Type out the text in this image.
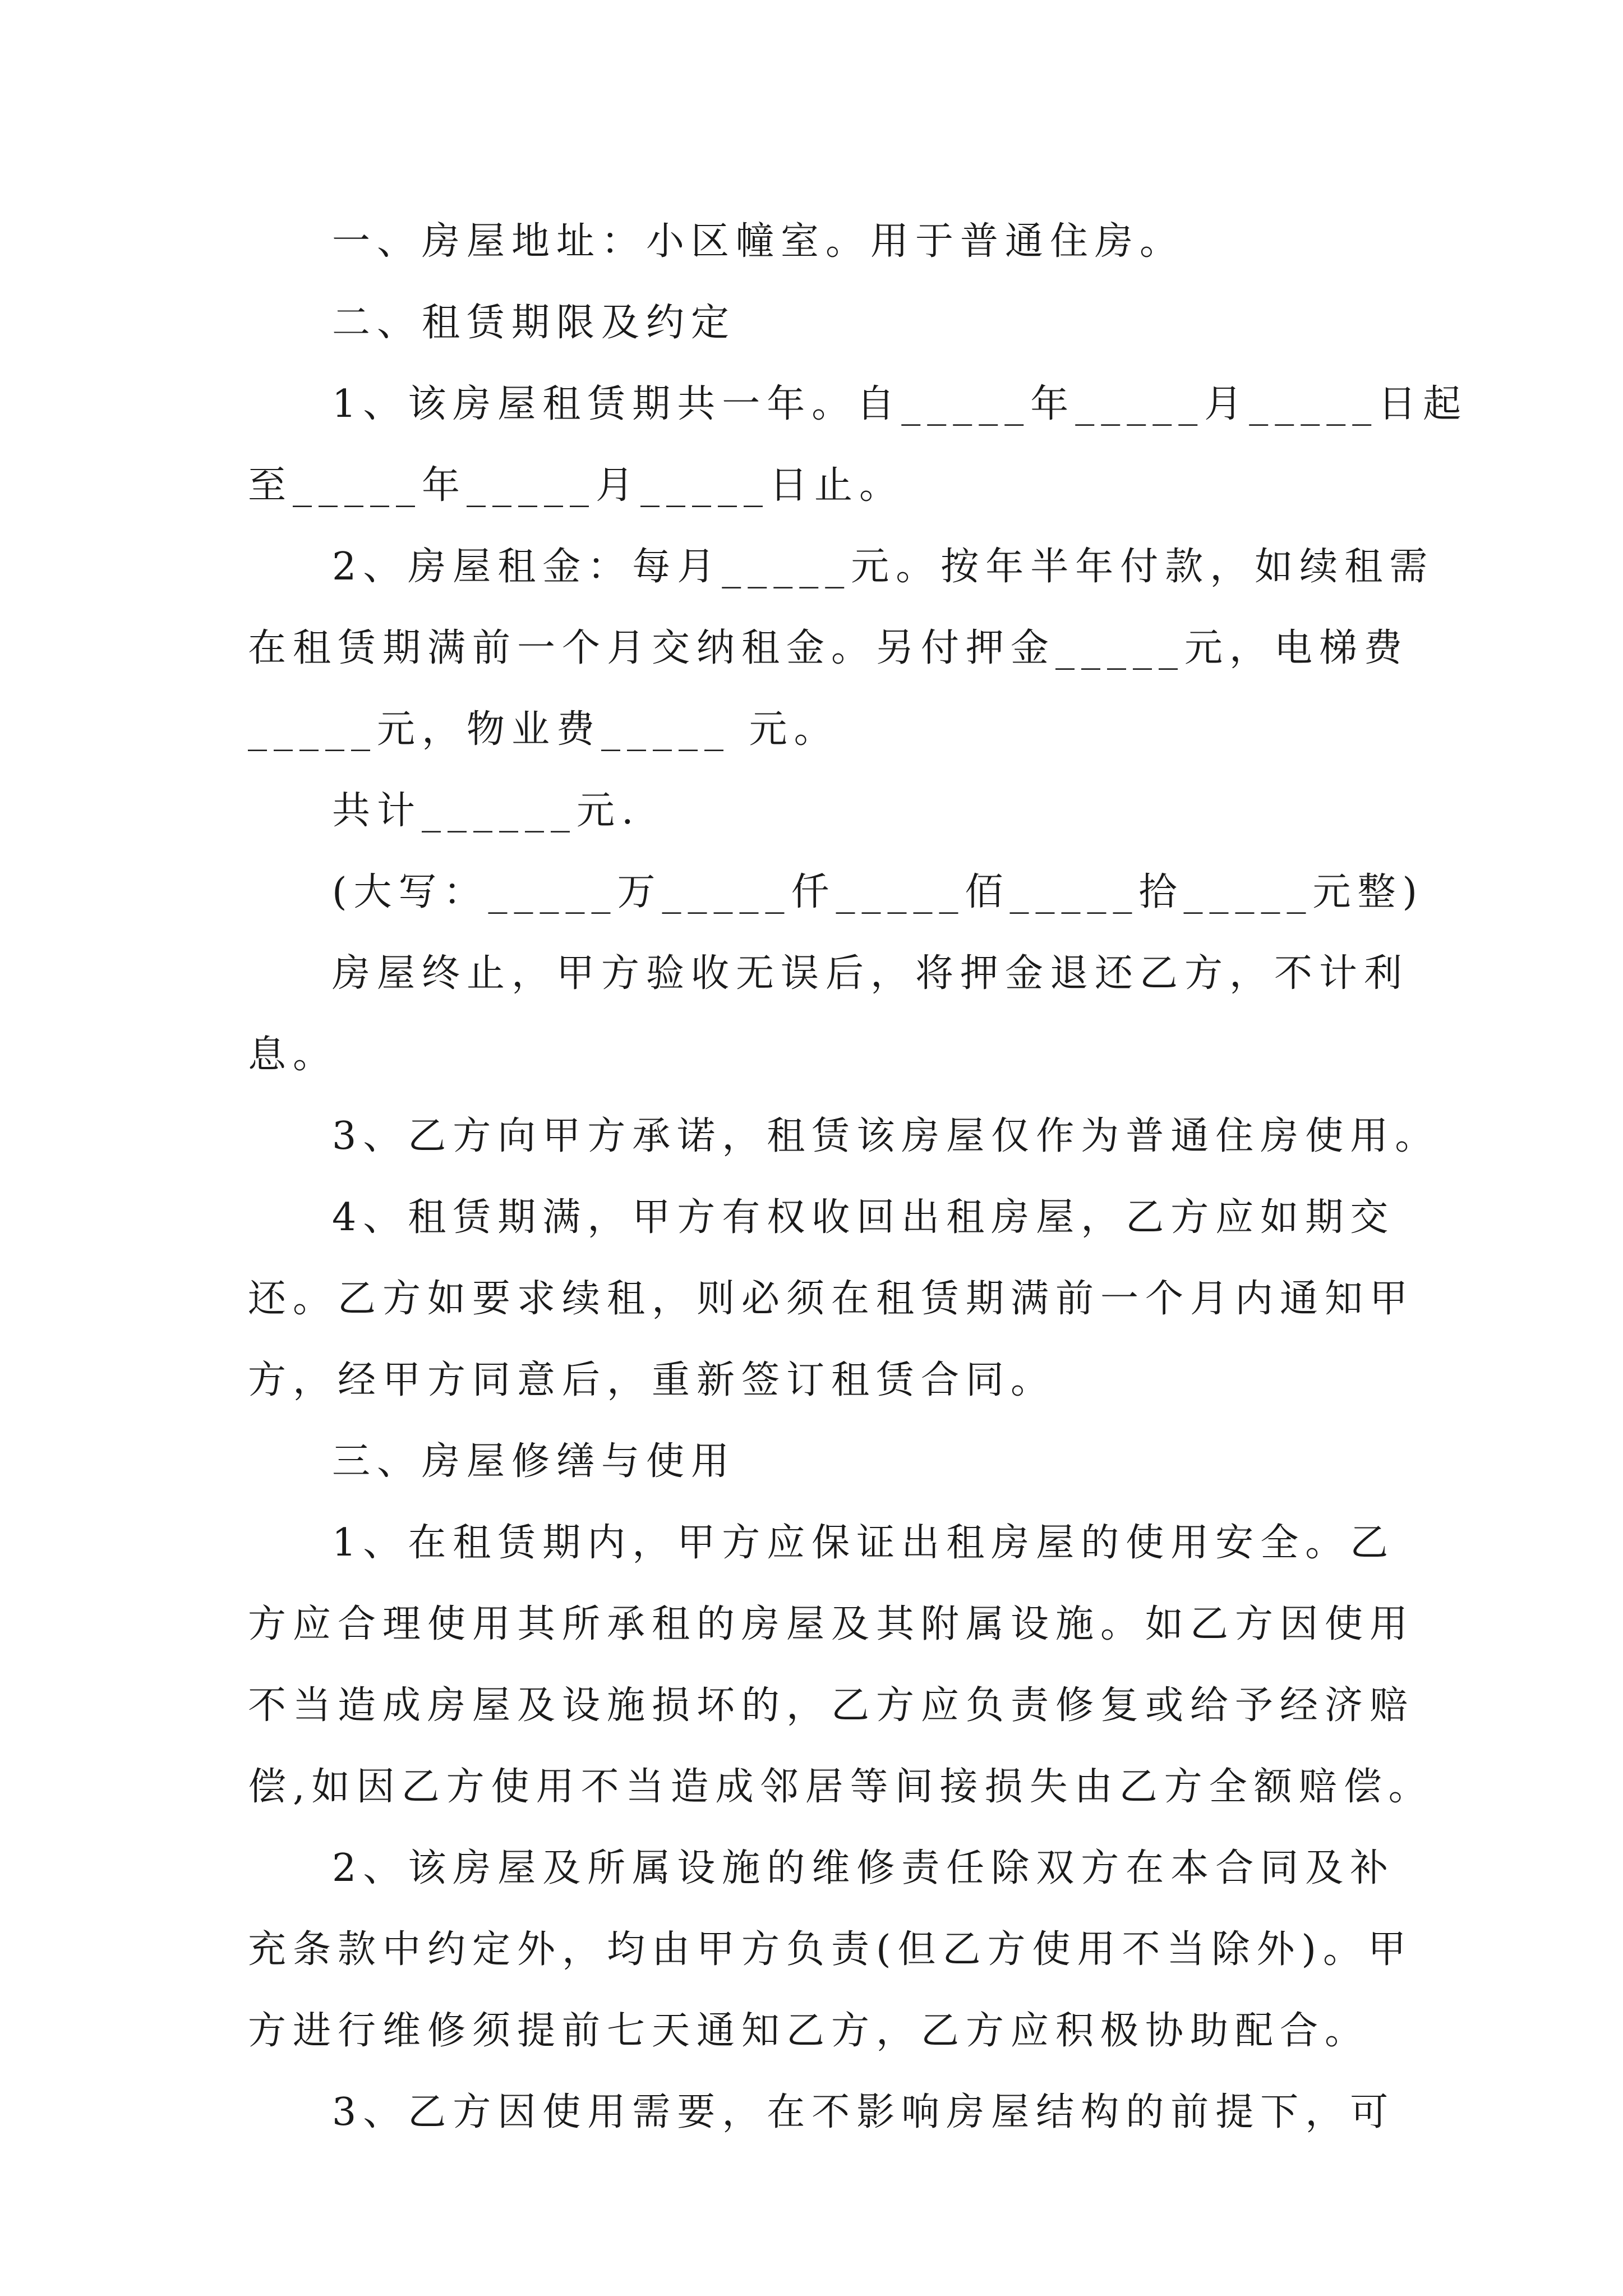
一、房屋地址：小区幢室。用于普通住房。
二、租赁期限及约定
1、该房屋租赁期共一年。自_____年_____月_____日起
至_____年_____月_____日止。
2、房屋租金：每月_____元。按年半年付款，如续租需
在租赁期满前一个月交纳租金。另付押金_____元，电梯费
_____元，物业费_____ 元。
共计______元.
(大写：_____万_____仟_____佰_____拾_____元整)
房屋终止，甲方验收无误后，将押金退还乙方，不计利
息。
3、乙方向甲方承诺，租赁该房屋仅作为普通住房使用。
4、租赁期满，甲方有权收回出租房屋，乙方应如期交
还。乙方如要求续租，则必须在租赁期满前一个月内通知甲
方，经甲方同意后，重新签订租赁合同。
三、房屋修缮与使用
1、在租赁期内，甲方应保证出租房屋的使用安全。乙
方应合理使用其所承租的房屋及其附属设施。如乙方因使用
不当造成房屋及设施损坏的，乙方应负责修复或给予经济赔
偿,如因乙方使用不当造成邻居等间接损失由乙方全额赔偿。
2、该房屋及所属设施的维修责任除双方在本合同及补
充条款中约定外，均由甲方负责(但乙方使用不当除外)。甲
方进行维修须提前七天通知乙方，乙方应积极协助配合。
3、乙方因使用需要，在不影响房屋结构的前提下，可
